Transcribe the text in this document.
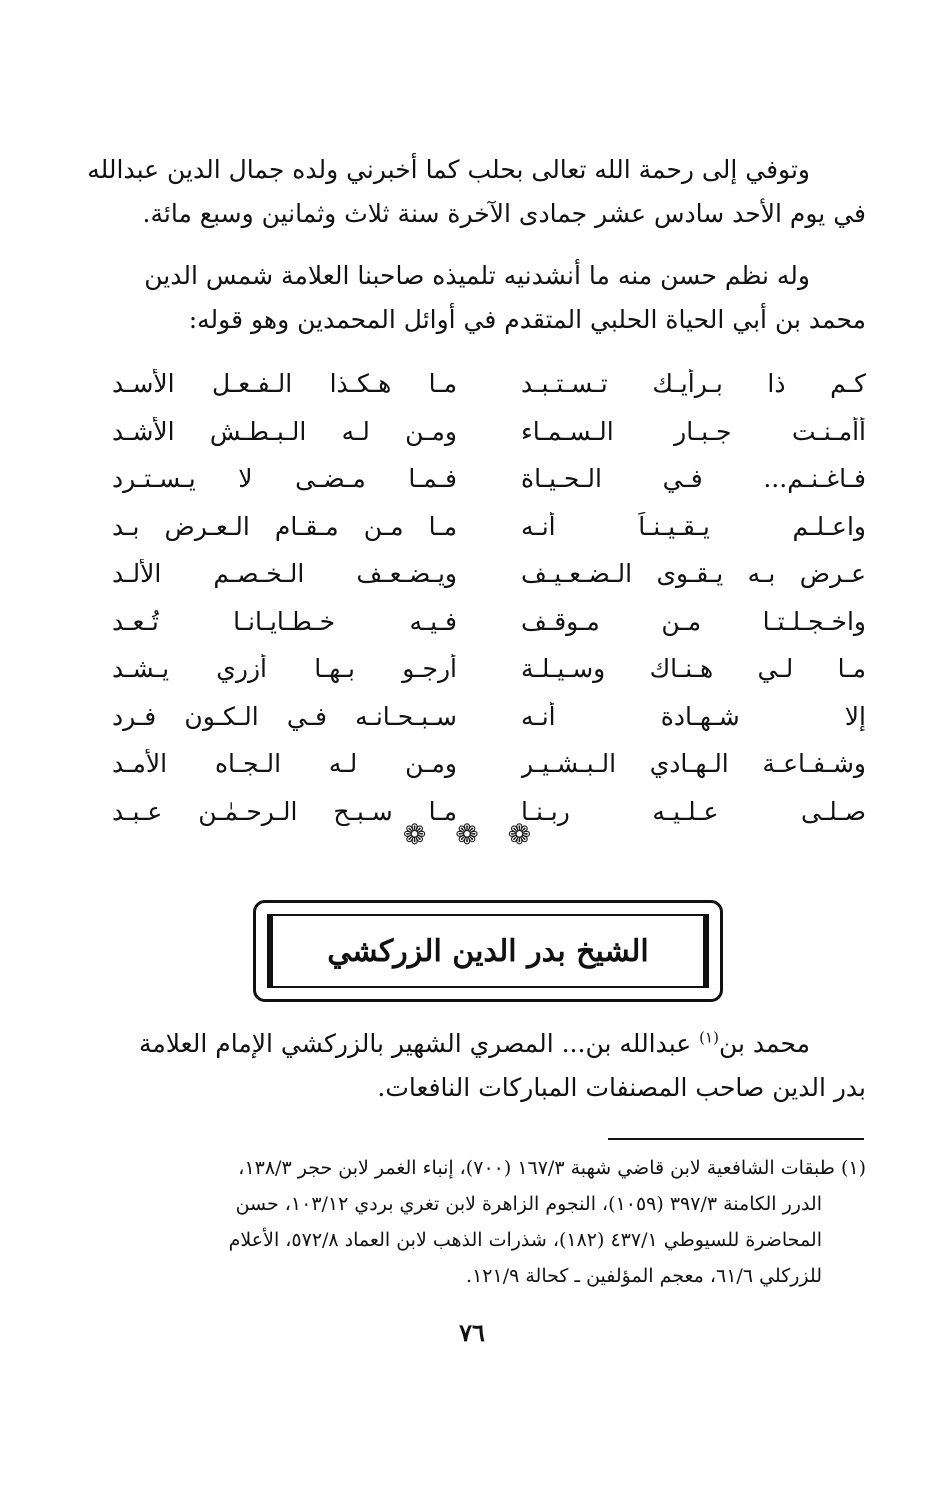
وتوفي إلى رحمة الله تعالى بحلب كما أخبرني ولده جمال الدين عبدالله
في يوم الأحد سادس عشر جمادى الآخرة سنة ثلاث وثمانين وسبع مائة.
وله نظم حسن منه ما أنشدنيه تلميذه صاحبنا العلامة شمس الدين
محمد بن أبي الحياة الحلبي المتقدم في أوائل المحمدين وهو قوله:
كـم ذا بـرأيـك تـسـتـبـد
مـا هـكـذا الـفـعـل الأسـد
أأمـنـت جـبـار الـسـمـاء
ومـن لـه الـبـطـش الأشـد
فـاغـنـم... فـي الـحـيـاة
فـمـا مـضـى لا يـسـتـرد
واعـلـم يـقـيـنـاً أنـه
مـا مـن مـقـام الـعـرض بـد
عـرض بـه يـقـوى الـضـعـيـف
ويـضـعـف الـخـصـم الألـد
واخـجـلـتـا مـن مـوقـف
فـيـه خـطـايـانـا تُـعـد
مـا لـي هـنـاك وسـيـلـة
أرجـو بـهـا أزري يـشـد
إلا شـهـادة أنـه
سـبـحـانـه فـي الـكـون فـرد
وشـفـاعـة الـهـادي الـبـشـيـر
ومـن لـه الـجـاه الأمـد
صـلـى عـلـيـه ربـنـا
مـا سـبـح الـرحـمٰـن عـبـد
❁ ❁ ❁
الشيخ بدر الدين الزركشي
محمد بن$^{(١)}$ عبدالله بن... المصري الشهير بالزركشي الإمام العلامة
بدر الدين صاحب المصنفات المباركات النافعات.
(١) طبقات الشافعية لابن قاضي شهبة ١٦٧/٣ (٧٠٠)، إنباء الغمر لابن حجر ١٣٨/٣،
الدرر الكامنة ٣٩٧/٣ (١٠٥٩)، النجوم الزاهرة لابن تغري بردي ١٠٣/١٢، حسن
المحاضرة للسيوطي ٤٣٧/١ (١٨٢)، شذرات الذهب لابن العماد ٥٧٢/٨، الأعلام
للزركلي ٦١/٦، معجم المؤلفين ـ كحالة ١٢١/٩.
٧٦
